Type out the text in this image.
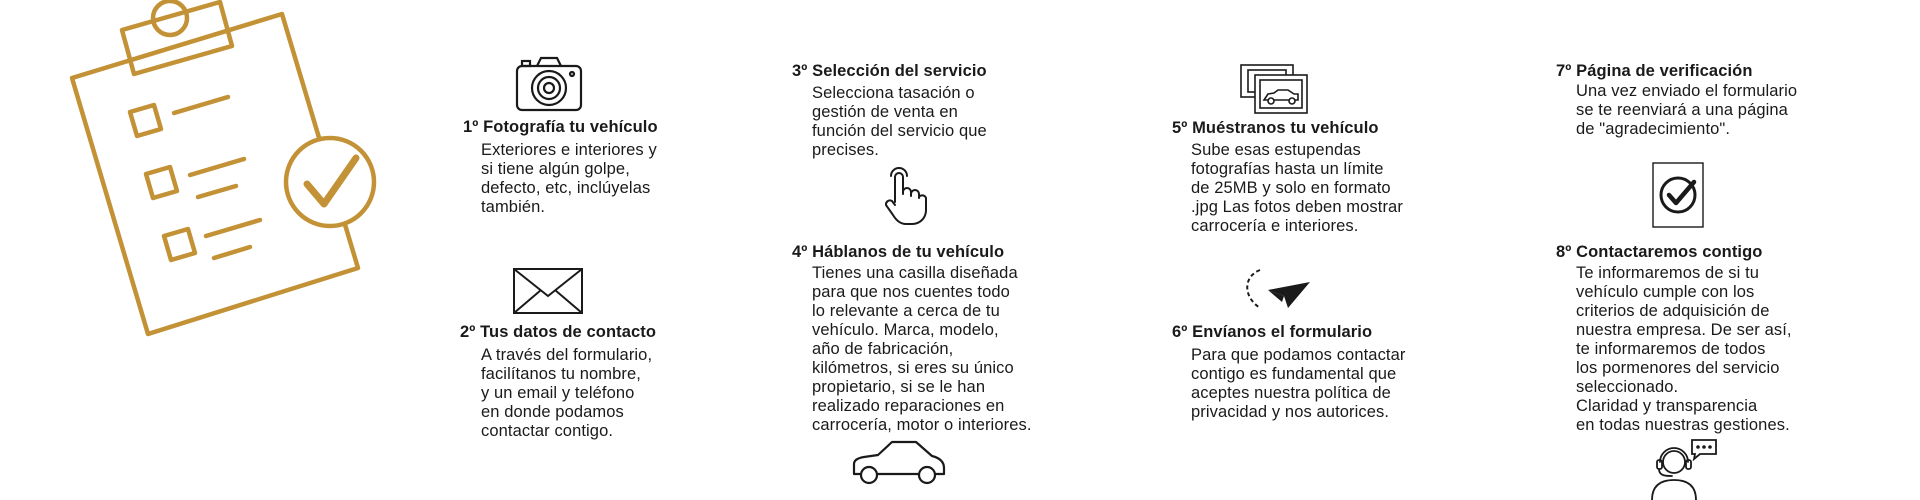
1º Fotografía tu vehículo
Exteriores e interiores y
si tiene algún golpe,
defecto, etc, inclúyelas
también.
2º Tus datos de contacto
A través del formulario,
facilítanos tu nombre,
y un email y teléfono
en donde podamos
contactar contigo.
3º Selección del servicio
Selecciona tasación o
gestión de venta en
función del servicio que
precises.
4º Háblanos de tu vehículo
Tienes una casilla diseñada
para que nos cuentes todo
lo relevante a cerca de tu
vehículo. Marca, modelo,
año de fabricación,
kilómetros, si eres su único
propietario, si se le han
realizado reparaciones en
carrocería, motor o interiores.
5º Muéstranos tu vehículo
Sube esas estupendas
fotografías hasta un límite
de 25MB y solo en formato
.jpg Las fotos deben mostrar
carrocería e interiores.
6º Envíanos el formulario
Para que podamos contactar
contigo es fundamental que
aceptes nuestra política de
privacidad y nos autorices.
7º Página de verificación
Una vez enviado el formulario
se te reenviará a una página
de "agradecimiento".
8º Contactaremos contigo
Te informaremos de si tu
vehículo cumple con los
criterios de adquisición de
nuestra empresa. De ser así,
te informaremos de todos
los pormenores del servicio
seleccionado.
Claridad y transparencia
en todas nuestras gestiones.
